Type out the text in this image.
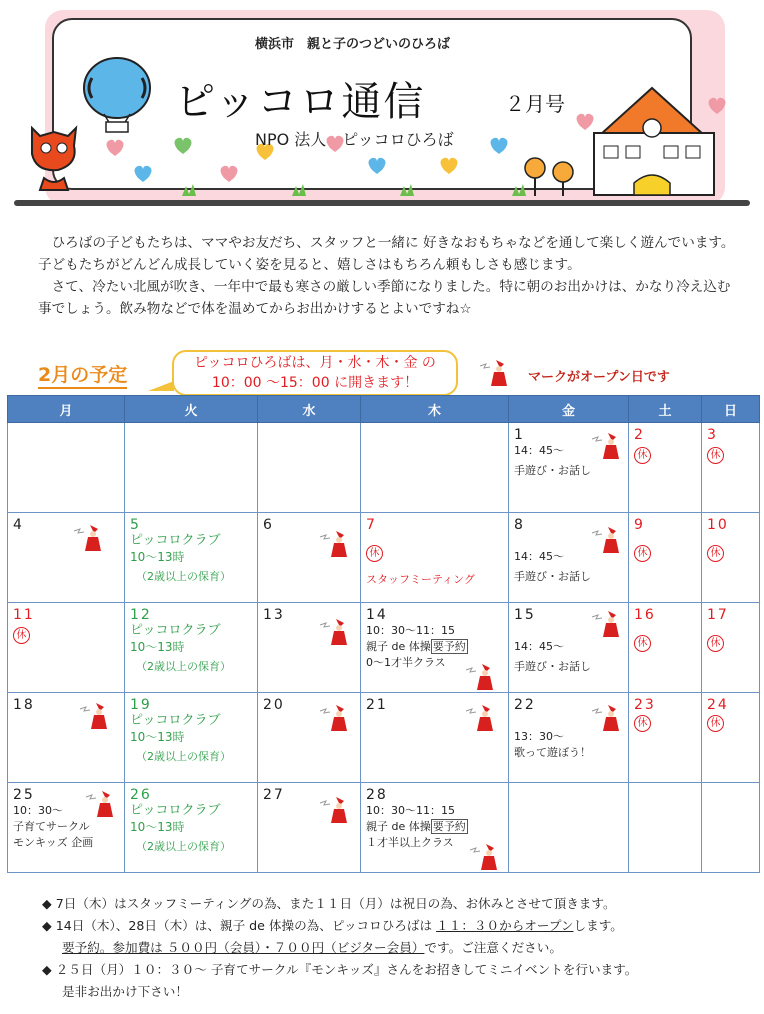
横浜市　親と子のつどいのひろば
ピッコロ通信	２月号
NPO 法人　ピッコロひろば

ひろばの子どもたちは、ママやお友だち、スタッフと一緒に 好きなおもちゃなどを通して楽しく遊んでいます。子どもたちがどんどん成長していく姿を見ると、嬉しさはもちろん頼もしさも感じます。

さて、冷たい北風が吹き、一年中で最も寒さの厳しい季節になりました。特に朝のお出かけは、かなり冷え込む事でしょう。飲み物などで体を温めてからお出かけするとよいですね☆

2月の予定
ピッコロひろばは、月・水・木・金 の
10：00 ～15：00 に開きます！	マークがオープン日です
月	火	水	木	金	土	日

				1
14：45～
手遊び・お話し	2
休	3
休

4	5
ピッコロクラブ
10～13時
（2歳以上の保育）	6	7
休
スタッフミーティング	8
14：45～
手遊び・お話し	9
休	10
休

11
休	12
ピッコロクラブ
10～13時
（2歳以上の保育）	13	14
10：30～11：15
親子 de 体操 要予約
0～1才半クラス	15
14：45～
手遊び・お話し	16
休	17
休

18	19
ピッコロクラブ
10～13時
（2歳以上の保育）	20	21	22
13：30～
歌って遊ぼう！	23
休	24
休

25
10：30～
子育てサークル
モンキッズ 企画	26
ピッコロクラブ
10～13時
（2歳以上の保育）	27	28
10：30～11：15
親子 de 体操 要予約
１才半以上クラス			

◆ 7日（木）はスタッフミーティングの為、また１１日（月）は祝日の為、お休みとさせて頂きます。
◆ 14日（木）、28日（木）は、親子 de 体操の為、ピッコロひろばは １１：３０からオープンします。
要予約。参加費は ５００円（会員）・７００円（ビジター会員）です。ご注意ください。
◆ ２５日（月）１０：３０～ 子育てサークル『モンキッズ』さんをお招きしてミニイベントを行います。
是非お出かけ下さい！
